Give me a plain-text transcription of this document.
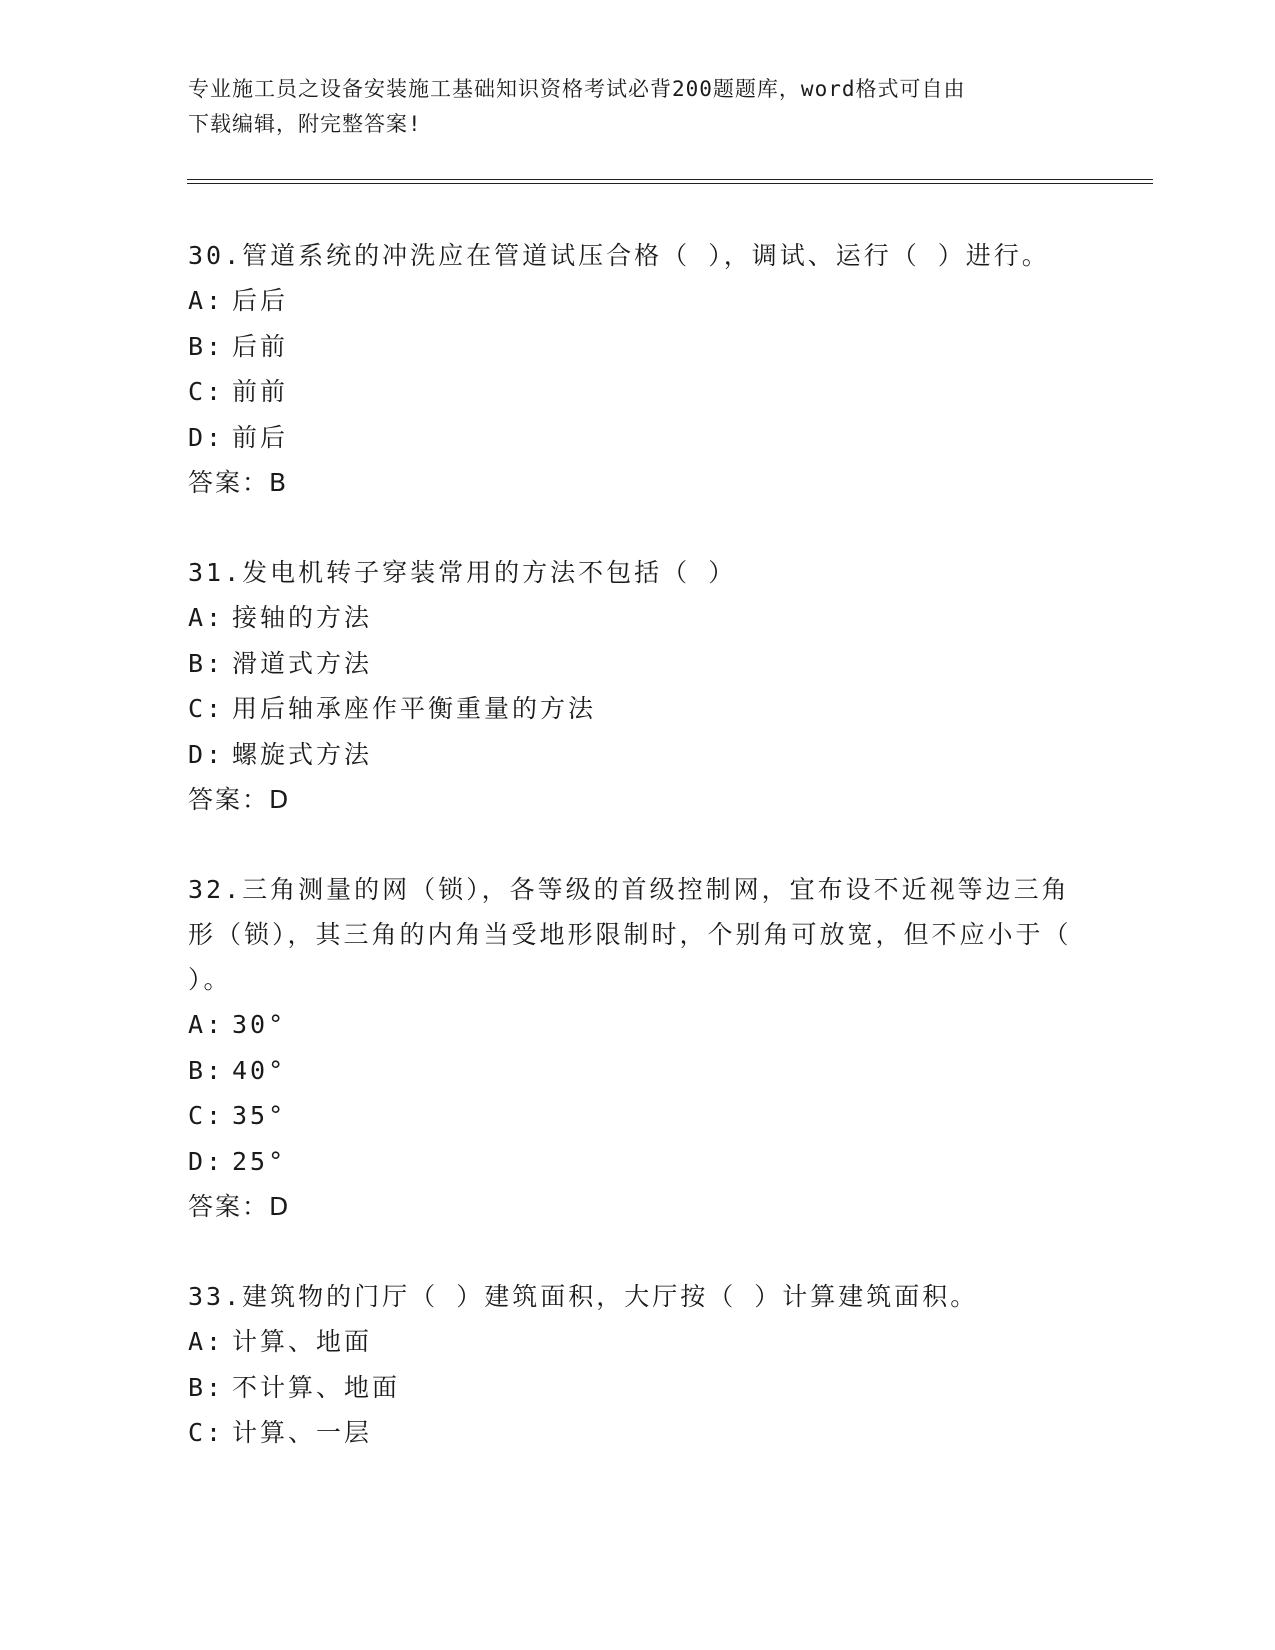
专业施工员之设备安装施工基础知识资格考试必背200题题库，word格式可自由
下载编辑，附完整答案!

30.管道系统的冲洗应在管道试压合格（ ），调试、运行（ ）进行。

A: 后后

B: 后前

C: 前前

D: 前后

答案：B

31.发电机转子穿装常用的方法不包括（ ）

A: 接轴的方法

B: 滑道式方法

C: 用后轴承座作平衡重量的方法

D: 螺旋式方法

答案：D

32.三角测量的网（锁），各等级的首级控制网，宜布设不近视等边三角形（锁），其三角的内角当受地形限制时，个别角可放宽，但不应小于（ ）。

A: 30°

B: 40°

C: 35°

D: 25°

答案：D

33.建筑物的门厅（ ）建筑面积，大厅按（ ）计算建筑面积。

A: 计算、地面

B: 不计算、地面

C: 计算、一层
